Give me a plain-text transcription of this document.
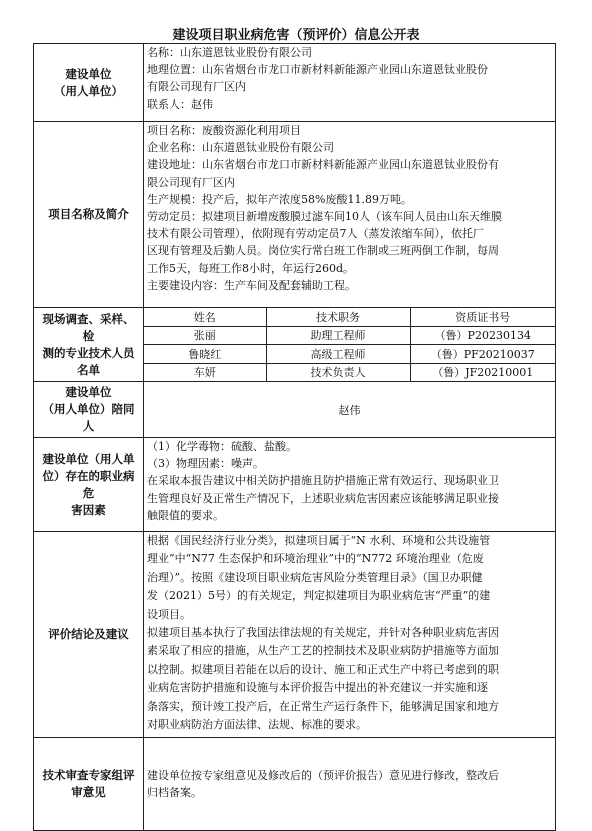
建设项目职业病危害（预评价）信息公开表
建设单位
（用人单位）

名称：山东道恩钛业股份有限公司
地理位置：山东省烟台市龙口市新材料新能源产业园山东道恩钛业股份
有限公司现有厂区内
联系人：赵伟

项目名称及简介	
项目名称：废酸资源化利用项目
企业名称：山东道恩钛业股份有限公司
建设地址：山东省烟台市龙口市新材料新能源产业园山东道恩钛业股份有
限公司现有厂区内
生产规模：投产后，拟年产浓度58%废酸11.89万吨。
劳动定员：拟建项目新增废酸膜过滤车间10人（该车间人员由山东天维膜
技术有限公司管理），依附现有劳动定员7人（蒸发浓缩车间），依托厂
区现有管理及后勤人员。岗位实行常白班工作制或三班两倒工作制，每周
工作5天，每班工作8小时，年运行260d。
主要建设内容：生产车间及配套辅助工程。

现场调查、采样、检
测的专业技术人员
名单

姓名	技术职务	资质证书号
张丽	助理工程师	（鲁）P20230134
鲁晓红	高级工程师	（鲁）PF20210037
车妍	技术负责人	（鲁）JF20210001

建设单位
（用人单位）陪同人
	赵伟

建设单位（用人单
位）存在的职业病危
害因素

（1）化学毒物：硫酸、盐酸。
（3）物理因素：噪声。
在采取本报告建议中相关防护措施且防护措施正常有效运行、现场职业卫
生管理良好及正常生产情况下，上述职业病危害因素应该能够满足职业接
触限值的要求。

评价结论及建议	
根据《国民经济行业分类》，拟建项目属于“N 水利、环境和公共设施管
理业”中“N77 生态保护和环境治理业”中的“N772 环境治理业（危废
治理）”。按照《建设项目职业病危害风险分类管理目录》（国卫办职健
发（2021）5号）的有关规定，判定拟建项目为职业病危害“严重”的建
设项目。
拟建项目基本执行了我国法律法规的有关规定，并针对各种职业病危害因
素采取了相应的措施，从生产工艺的控制技术及职业病防护措施等方面加
以控制。拟建项目若能在以后的设计、施工和正式生产中将已考虑到的职
业病危害防护措施和设施与本评价报告中提出的补充建议一并实施和逐
条落实，预计竣工投产后，在正常生产运行条件下，能够满足国家和地方
对职业病防治方面法律、法规、标准的要求。

技术审查专家组评
审意见

建设单位按专家组意见及修改后的（预评价报告）意见进行修改，整改后
归档备案。
